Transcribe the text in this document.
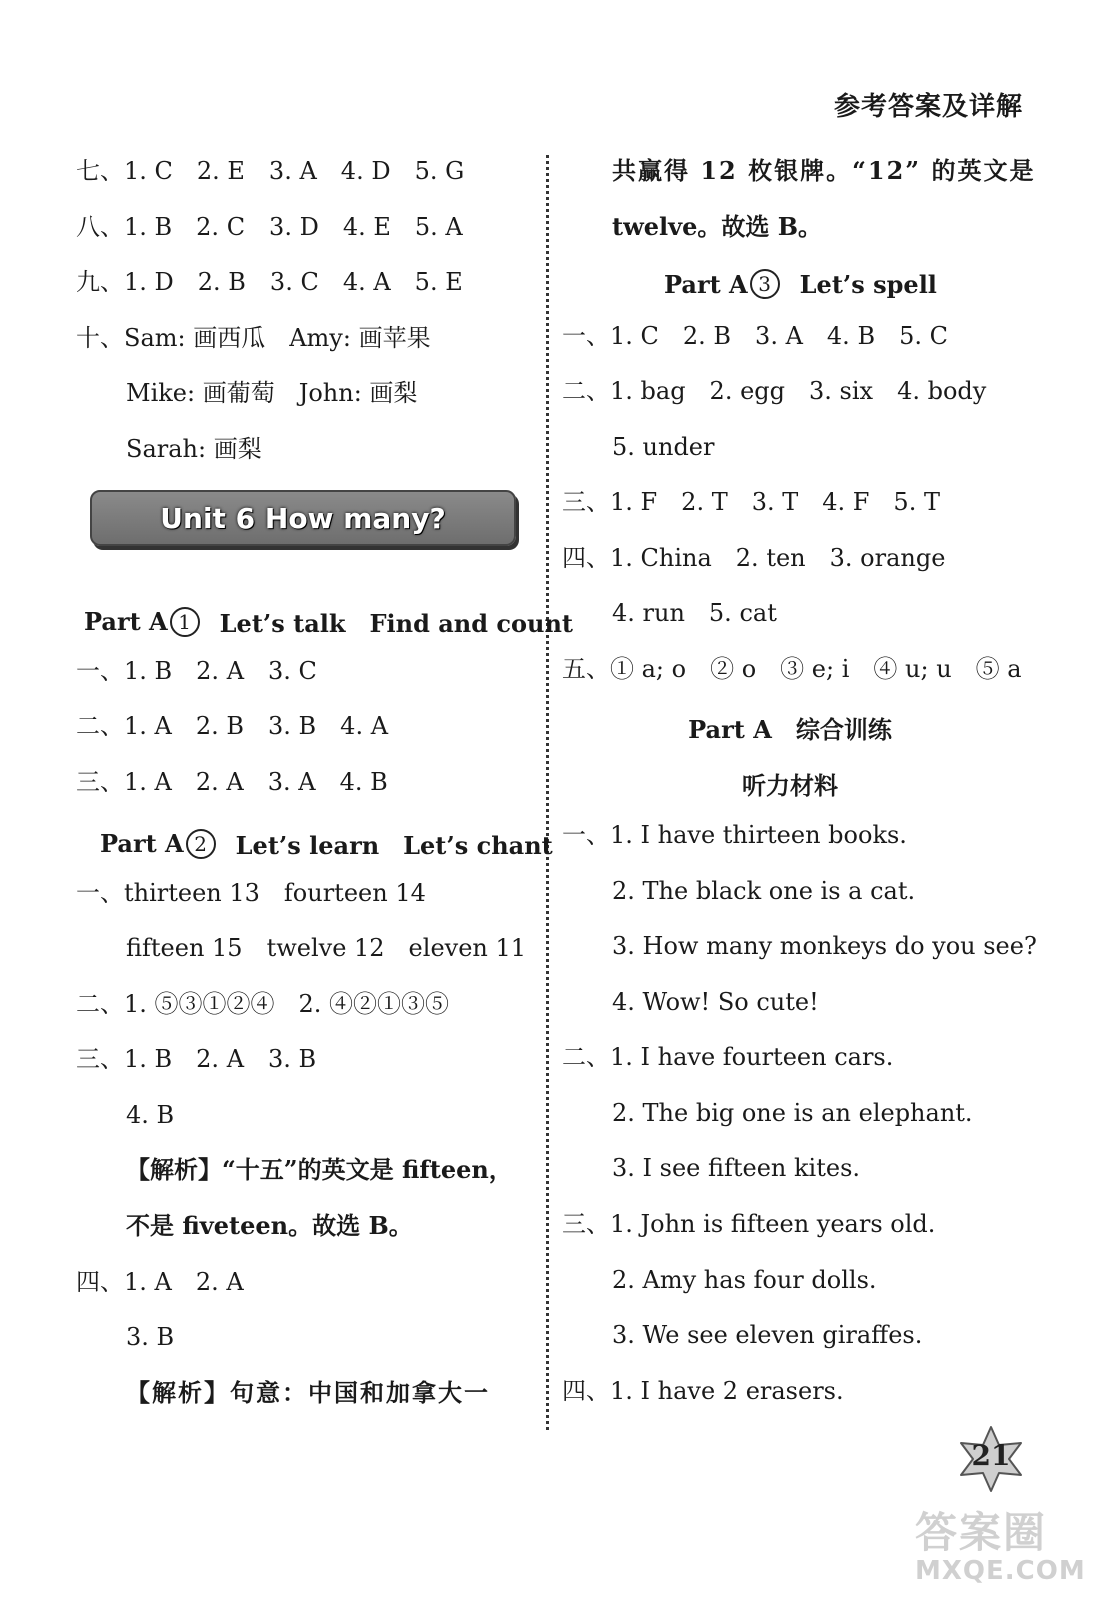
参考答案及详解
七、1. C　2. E　3. A　4. D　5. G
八、1. B　2. C　3. D　4. E　5. A
九、1. D　2. B　3. C　4. A　5. E
十、Sam: 画西瓜　Amy: 画苹果
Mike: 画葡萄　John: 画梨
Sarah: 画梨
Unit 6 How many?
Part A 1	Let’s talk　Find and count
一、1. B　2. A　3. C
二、1. A　2. B　3. B　4. A
三、1. A　2. A　3. A　4. B
Part A 2	Let’s learn　Let’s chant
一、thirteen 13　fourteen 14
fifteen 15　twelve 12　eleven 11
二、1. ⑤③①②④　2. ④②①③⑤
三、1. B　2. A　3. B
4. B
【解析】“十五”的英文是 fifteen，
不是 fiveteen。故选 B。
四、1. A　2. A
3. B
【解析】句意：中国和加拿大一
共赢得 12 枚银牌。“12” 的英文是
twelve。故选 B。
Part A 3	Let’s spell
一、1. C　2. B　3. A　4. B　5. C
二、1. bag　2. egg　3. six　4. body
5. under
三、1. F　2. T　3. T　4. F　5. T
四、1. China　2. ten　3. orange
4. run　5. cat
五、① a; o　② o　③ e; i　④ u; u　⑤ a
Part A　综合训练
听力材料
一、1. I have thirteen books.
2. The black one is a cat.
3. How many monkeys do you see?
4. Wow! So cute!
二、1. I have fourteen cars.
2. The big one is an elephant.
3. I see fifteen kites.
三、1. John is fifteen years old.
2. Amy has four dolls.
3. We see eleven giraffes.
四、1. I have 2 erasers.
21
答案圈
MXQE.COM
